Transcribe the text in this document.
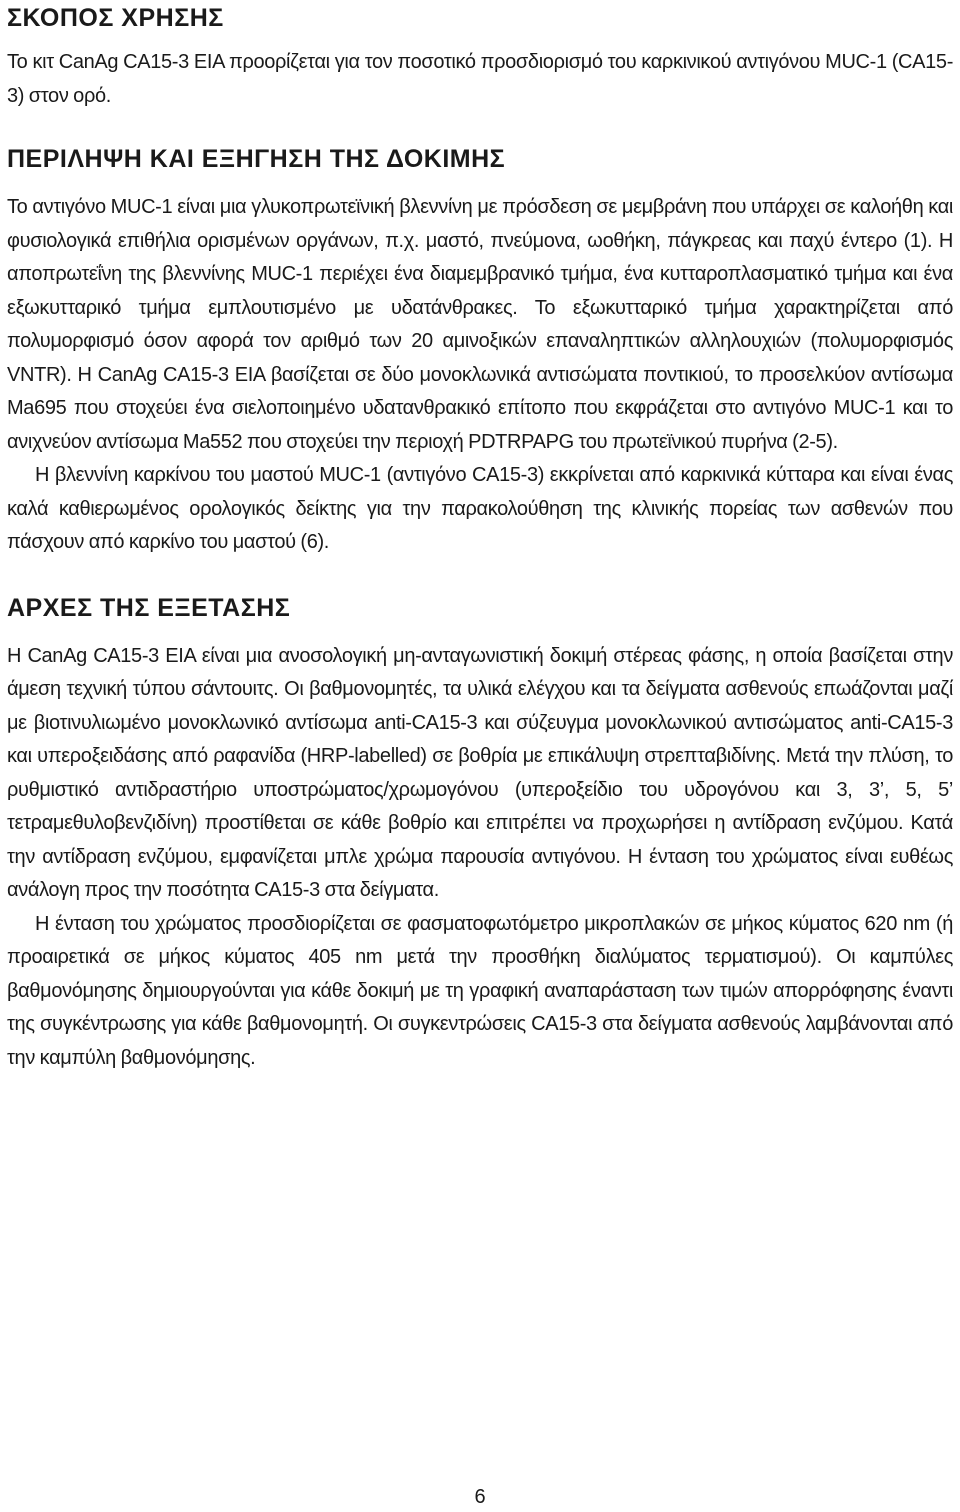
ΣΚΟΠΟΣ ΧΡΗΣΗΣ

Το κιτ CanAg CA15-3 EIA προορίζεται για τον ποσοτικό προσδιορισμό του καρκινικού αντιγόνου MUC-1 (CA15-3) στον ορό.

ΠΕΡΙΛΗΨΗ ΚΑΙ ΕΞΗΓΗΣΗ ΤΗΣ ΔΟΚΙΜΗΣ

Το αντιγόνο MUC-1 είναι μια γλυκοπρωτεϊνική βλεννίνη με πρόσδεση σε μεμβράνη που υπάρχει σε καλοήθη και φυσιολογικά επιθήλια ορισμένων οργάνων, π.χ. μαστό, πνεύμονα, ωοθήκη, πάγκρεας και παχύ έντερο (1). Η αποπρωτεΐνη της βλεννίνης MUC-1 περιέχει ένα διαμεμβρανικό τμήμα, ένα κυτταροπλασματικό τμήμα και ένα εξωκυτταρικό τμήμα εμπλουτισμένο με υδατάνθρακες. Το εξωκυτταρικό τμήμα χαρακτηρίζεται από πολυμορφισμό όσον αφορά τον αριθμό των 20 αμινοξικών επαναληπτικών αλληλουχιών (πολυμορφισμός VNTR). Η CanAg CA15-3 EIA βασίζεται σε δύο μονοκλωνικά αντισώματα ποντικιού, το προσελκύον αντίσωμα Ma695 που στοχεύει ένα σιελοποιημένο υδατανθρακικό επίτοπο που εκφράζεται στο αντιγόνο MUC-1 και το ανιχνεύον αντίσωμα Ma552 που στοχεύει την περιοχή PDTRPAPG του πρωτεϊνικού πυρήνα (2-5).

Η βλεννίνη καρκίνου του μαστού MUC-1 (αντιγόνο CA15-3) εκκρίνεται από καρκινικά κύτταρα και είναι ένας καλά καθιερωμένος ορολογικός δείκτης για την παρακολούθηση της κλινικής πορείας των ασθενών που πάσχουν από καρκίνο του μαστού (6).

ΑΡΧΕΣ ΤΗΣ ΕΞΕΤΑΣΗΣ

Η CanAg CA15-3 EIA είναι μια ανοσολογική μη-ανταγωνιστική δοκιμή στέρεας φάσης, η οποία βασίζεται στην άμεση τεχνική τύπου σάντουιτς. Οι βαθμονομητές, τα υλικά ελέγχου και τα δείγματα ασθενούς επωάζονται μαζί με βιοτινυλιωμένο μονοκλωνικό αντίσωμα anti-CA15-3 και σύζευγμα μονοκλωνικού αντισώματος anti-CA15-3 και υπεροξειδάσης από ραφανίδα (HRP-labelled) σε βοθρία με επικάλυψη στρεπταβιδίνης. Μετά την πλύση, το ρυθμιστικό αντιδραστήριο υποστρώματος/χρωμογόνου (υπεροξείδιο του υδρογόνου και 3, 3’, 5, 5’ τετραμεθυλοβενζιδίνη) προστίθεται σε κάθε βοθρίο και επιτρέπει να προχωρήσει η αντίδραση ενζύμου. Κατά την αντίδραση ενζύμου, εμφανίζεται μπλε χρώμα παρουσία αντιγόνου. Η ένταση του χρώματος είναι ευθέως ανάλογη προς την ποσότητα CA15-3 στα δείγματα.

Η ένταση του χρώματος προσδιορίζεται σε φασματοφωτόμετρο μικροπλακών σε μήκος κύματος 620 nm (ή προαιρετικά σε μήκος κύματος 405 nm μετά την προσθήκη διαλύματος τερματισμού). Οι καμπύλες βαθμονόμησης δημιουργούνται για κάθε δοκιμή με τη γραφική αναπαράσταση των τιμών απορρόφησης έναντι της συγκέντρωσης για κάθε βαθμονομητή. Οι συγκεντρώσεις CA15-3 στα δείγματα ασθενούς λαμβάνονται από την καμπύλη βαθμονόμησης.

6
